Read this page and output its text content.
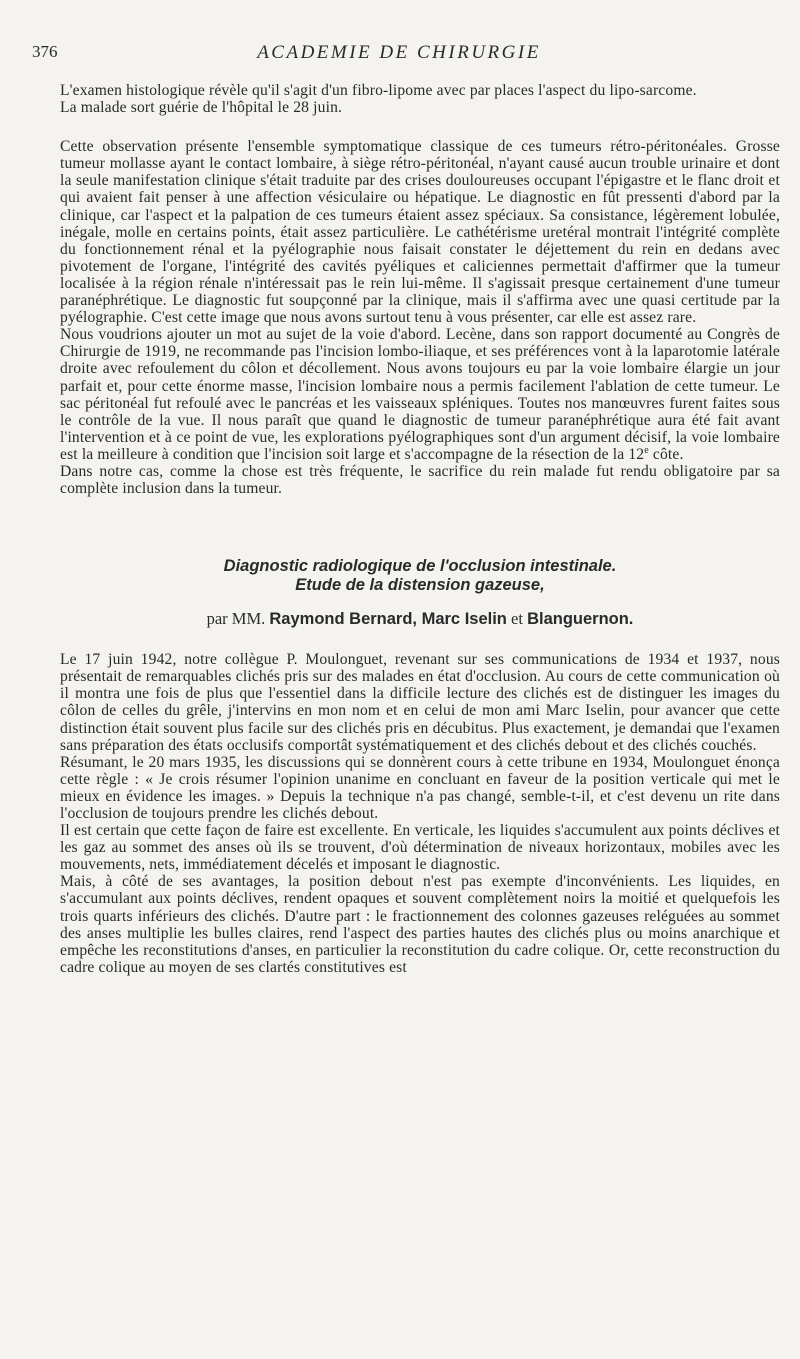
376	ACADEMIE DE CHIRURGIE

L'examen histologique révèle qu'il s'agit d'un fibro-lipome avec par places l'aspect du lipo-sarcome.

La malade sort guérie de l'hôpital le 28 juin.

Cette observation présente l'ensemble symptomatique classique de ces tumeurs rétro-péritonéales. Grosse tumeur mollasse ayant le contact lombaire, à siège rétro-péritonéal, n'ayant causé aucun trouble urinaire et dont la seule manifestation clinique s'était traduite par des crises douloureuses occupant l'épigastre et le flanc droit et qui avaient fait penser à une affection vésiculaire ou hépatique. Le diagnostic en fût pressenti d'abord par la clinique, car l'aspect et la palpation de ces tumeurs étaient assez spéciaux. Sa consistance, légèrement lobulée, inégale, molle en certains points, était assez particulière. Le cathétérisme uretéral montrait l'intégrité complète du fonctionnement rénal et la pyélographie nous faisait constater le déjettement du rein en dedans avec pivotement de l'organe, l'intégrité des cavités pyéliques et caliciennes permettait d'affirmer que la tumeur localisée à la région rénale n'intéressait pas le rein lui-même. Il s'agissait presque certainement d'une tumeur paranéphrétique. Le diagnostic fut soupçonné par la clinique, mais il s'affirma avec une quasi certitude par la pyélographie. C'est cette image que nous avons surtout tenu à vous présenter, car elle est assez rare.

Nous voudrions ajouter un mot au sujet de la voie d'abord. Lecène, dans son rapport documenté au Congrès de Chirurgie de 1919, ne recommande pas l'incision lombo-iliaque, et ses préférences vont à la laparotomie latérale droite avec refoulement du côlon et décollement. Nous avons toujours eu par la voie lombaire élargie un jour parfait et, pour cette énorme masse, l'incision lombaire nous a permis facilement l'ablation de cette tumeur. Le sac péritonéal fut refoulé avec le pancréas et les vaisseaux spléniques. Toutes nos manœuvres furent faites sous le contrôle de la vue. Il nous paraît que quand le diagnostic de tumeur paranéphrétique aura été fait avant l'intervention et à ce point de vue, les explorations pyélographiques sont d'un argument décisif, la voie lombaire est la meilleure à condition que l'incision soit large et s'accompagne de la résection de la 12e côte.

Dans notre cas, comme la chose est très fréquente, le sacrifice du rein malade fut rendu obligatoire par sa complète inclusion dans la tumeur.

Diagnostic radiologique de l'occlusion intestinale.

Etude de la distension gazeuse,

par MM. Raymond Bernard, Marc Iselin et Blanguernon.

Le 17 juin 1942, notre collègue P. Moulonguet, revenant sur ses communications de 1934 et 1937, nous présentait de remarquables clichés pris sur des malades en état d'occlusion. Au cours de cette communication où il montra une fois de plus que l'essentiel dans la difficile lecture des clichés est de distinguer les images du côlon de celles du grêle, j'intervins en mon nom et en celui de mon ami Marc Iselin, pour avancer que cette distinction était souvent plus facile sur des clichés pris en décubitus. Plus exactement, je demandai que l'examen sans préparation des états occlusifs comportât systématiquement et des clichés debout et des clichés couchés.

Résumant, le 20 mars 1935, les discussions qui se donnèrent cours à cette tribune en 1934, Moulonguet énonça cette règle : « Je crois résumer l'opinion unanime en concluant en faveur de la position verticale qui met le mieux en évidence les images. » Depuis la technique n'a pas changé, semble-t-il, et c'est devenu un rite dans l'occlusion de toujours prendre les clichés debout.

Il est certain que cette façon de faire est excellente. En verticale, les liquides s'accumulent aux points déclives et les gaz au sommet des anses où ils se trouvent, d'où détermination de niveaux horizontaux, mobiles avec les mouvements, nets, immédiatement décelés et imposant le diagnostic.

Mais, à côté de ses avantages, la position debout n'est pas exempte d'inconvénients. Les liquides, en s'accumulant aux points déclives, rendent opaques et souvent complètement noirs la moitié et quelquefois les trois quarts inférieurs des clichés. D'autre part : le fractionnement des colonnes gazeuses reléguées au sommet des anses multiplie les bulles claires, rend l'aspect des parties hautes des clichés plus ou moins anarchique et empêche les reconstitutions d'anses, en particulier la reconstitution du cadre colique. Or, cette reconstruction du cadre colique au moyen de ses clartés constitutives est
